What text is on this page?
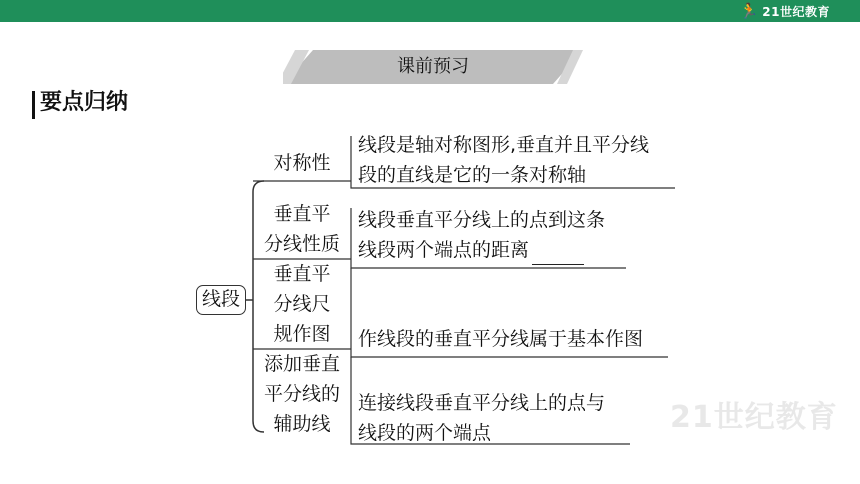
🏃 21世纪教育
课前预习
要点归纳
线段
对称性
线段是轴对称图形,垂直并且平分线
段的直线是它的一条对称轴
垂直平
分线性质
线段垂直平分线上的点到这条
线段两个端点的距离
垂直平
分线尺
规作图	作线段的垂直平分线属于基本作图
添加垂直
平分线的
辅助线
连接线段垂直平分线上的点与
线段的两个端点	21世纪教育
